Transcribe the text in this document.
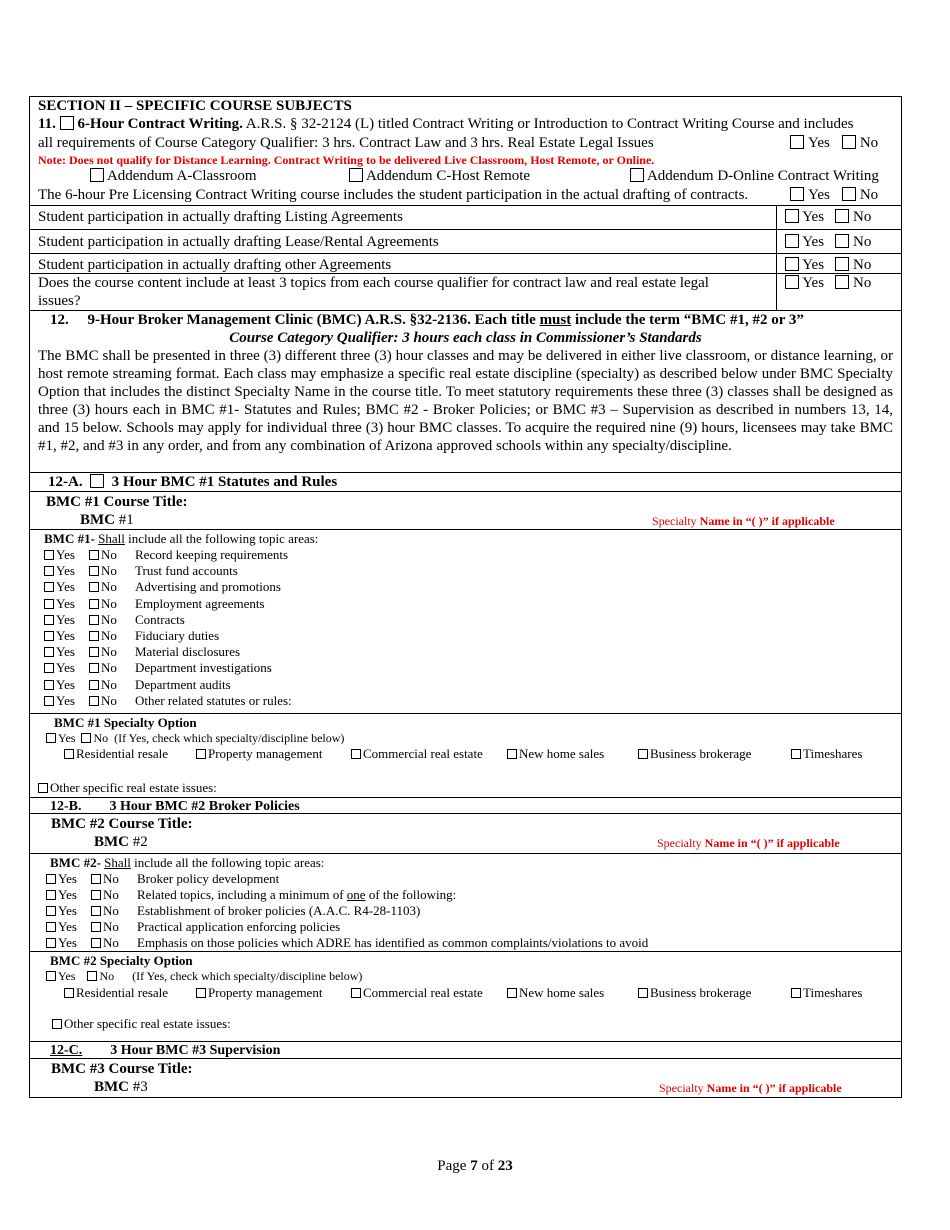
SECTION II – SPECIFIC COURSE SUBJECTS
11. 6-Hour Contract Writing. A.R.S. § 32-2124 (L) titled Contract Writing or Introduction to Contract Writing Course and includes
all requirements of Course Category Qualifier: 3 hrs. Contract Law and 3 hrs. Real Estate Legal Issues	Yes No
Note: Does not qualify for Distance Learning. Contract Writing to be delivered Live Classroom, Host Remote, or Online.
Addendum A-Classroom	Addendum C-Host Remote	Addendum D-Online Contract Writing
The 6-hour Pre Licensing Contract Writing course includes the student participation in the actual drafting of contracts.	Yes No
Student participation in actually drafting Listing Agreements	Yes No
Student participation in actually drafting Lease/Rental Agreements	Yes No
Student participation in actually drafting other Agreements	Yes No
Does the course content include at least 3 topics from each course qualifier for contract law and real estate legal
issues?
Yes No
12. 9-Hour Broker Management Clinic (BMC) A.R.S. §32-2136. Each title must include the term “BMC #1, #2 or 3”
Course Category Qualifier: 3 hours each class in Commissioner’s Standards
The BMC shall be presented in three (3) different three (3) hour classes and may be delivered in either live classroom, or distance learning, or host remote streaming format. Each class may emphasize a specific real estate discipline (specialty) as described below under BMC Specialty Option that includes the distinct Specialty Name in the course title. To meet statutory requirements these three (3) classes shall be designed as three (3) hours each in BMC #1- Statutes and Rules; BMC #2 - Broker Policies; or BMC #3 – Supervision as described in numbers 13, 14, and 15 below. Schools may apply for individual three (3) hour BMC classes. To acquire the required nine (9) hours, licensees may take BMC #1, #2, and #3 in any order, and from any combination of Arizona approved schools within any specialty/discipline.
12-A. 3 Hour BMC #1 Statutes and Rules
BMC #1 Course Title:
BMC #1	Specialty Name in “( )” if applicable
BMC #1- Shall include all the following topic areas:
Yes	No	Record keeping requirements
Yes	No	Trust fund accounts
Yes	No	Advertising and promotions
Yes	No	Employment agreements
Yes	No	Contracts
Yes	No	Fiduciary duties
Yes	No	Material disclosures
Yes	No	Department investigations
Yes	No	Department audits
Yes	No	Other related statutes or rules:
BMC #1 Specialty Option
Yes No (If Yes, check which specialty/discipline below)
Residential resale	Property management	Commercial real estate	New home sales	Business brokerage	Timeshares
Other specific real estate issues:
12-B. 3 Hour BMC #2 Broker Policies
BMC #2 Course Title:
BMC #2	Specialty Name in “( )” if applicable
BMC #2- Shall include all the following topic areas:
Yes	No	Broker policy development
Yes	No	Related topics, including a minimum of one of the following:
Yes	No	Establishment of broker policies (A.A.C. R4-28-1103)
Yes	No	Practical application enforcing policies
Yes	No	Emphasis on those policies which ADRE has identified as common complaints/violations to avoid
BMC #2 Specialty Option
Yes No (If Yes, check which specialty/discipline below)
Residential resale	Property management	Commercial real estate	New home sales	Business brokerage	Timeshares
Other specific real estate issues:
12-C. 3 Hour BMC #3 Supervision
BMC #3 Course Title:
BMC #3	Specialty Name in “( )” if applicable
Page 7 of 23
